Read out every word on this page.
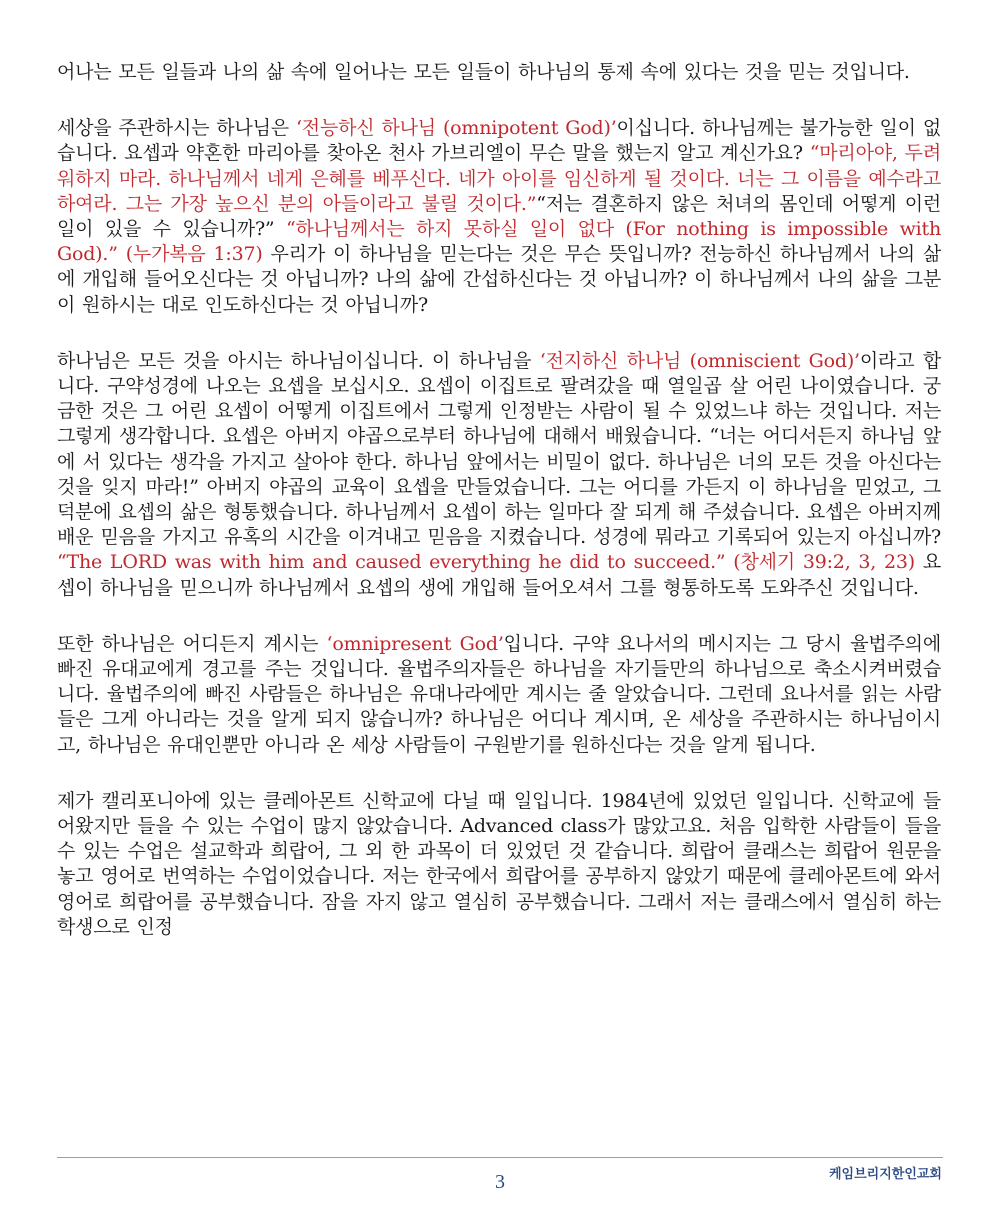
어나는 모든 일들과 나의 삶 속에 일어나는 모든 일들이 하나님의 통제 속에 있다는 것을 믿는 것입니다.

세상을 주관하시는 하나님은 ‘전능하신 하나님 (omnipotent God)’이십니다. 하나님께는 불가능한 일이 없습니다. 요셉과 약혼한 마리아를 찾아온 천사 가브리엘이 무슨 말을 했는지 알고 계신가요? “마리아야, 두려워하지 마라. 하나님께서 네게 은혜를 베푸신다. 네가 아이를 임신하게 될 것이다. 너는 그 이름을 예수라고 하여라. 그는 가장 높으신 분의 아들이라고 불릴 것이다.”“저는 결혼하지 않은 처녀의 몸인데 어떻게 이런 일이 있을 수 있습니까?” “하나님께서는 하지 못하실 일이 없다 (For nothing is impossible with God).” (누가복음 1:37) 우리가 이 하나님을 믿는다는 것은 무슨 뜻입니까? 전능하신 하나님께서 나의 삶에 개입해 들어오신다는 것 아닙니까? 나의 삶에 간섭하신다는 것 아닙니까? 이 하나님께서 나의 삶을 그분이 원하시는 대로 인도하신다는 것 아닙니까?

하나님은 모든 것을 아시는 하나님이십니다. 이 하나님을 ‘전지하신 하나님 (omniscient God)’이라고 합니다. 구약성경에 나오는 요셉을 보십시오. 요셉이 이집트로 팔려갔을 때 열일곱 살 어린 나이였습니다. 궁금한 것은 그 어린 요셉이 어떻게 이집트에서 그렇게 인정받는 사람이 될 수 있었느냐 하는 것입니다. 저는 그렇게 생각합니다. 요셉은 아버지 야곱으로부터 하나님에 대해서 배웠습니다. “너는 어디서든지 하나님 앞에 서 있다는 생각을 가지고 살아야 한다. 하나님 앞에서는 비밀이 없다. 하나님은 너의 모든 것을 아신다는 것을 잊지 마라!” 아버지 야곱의 교육이 요셉을 만들었습니다. 그는 어디를 가든지 이 하나님을 믿었고, 그 덕분에 요셉의 삶은 형통했습니다. 하나님께서 요셉이 하는 일마다 잘 되게 해 주셨습니다. 요셉은 아버지께 배운 믿음을 가지고 유혹의 시간을 이겨내고 믿음을 지켰습니다. 성경에 뭐라고 기록되어 있는지 아십니까? “The LORD was with him and caused everything he did to succeed.” (창세기 39:2, 3, 23) 요셉이 하나님을 믿으니까 하나님께서 요셉의 생에 개입해 들어오셔서 그를 형통하도록 도와주신 것입니다.

또한 하나님은 어디든지 계시는 ‘omnipresent God’입니다. 구약 요나서의 메시지는 그 당시 율법주의에 빠진 유대교에게 경고를 주는 것입니다. 율법주의자들은 하나님을 자기들만의 하나님으로 축소시켜버렸습니다. 율법주의에 빠진 사람들은 하나님은 유대나라에만 계시는 줄 알았습니다. 그런데 요나서를 읽는 사람들은 그게 아니라는 것을 알게 되지 않습니까? 하나님은 어디나 계시며, 온 세상을 주관하시는 하나님이시고, 하나님은 유대인뿐만 아니라 온 세상 사람들이 구원받기를 원하신다는 것을 알게 됩니다.

제가 캘리포니아에 있는 클레아몬트 신학교에 다닐 때 일입니다. 1984년에 있었던 일입니다. 신학교에 들어왔지만 들을 수 있는 수업이 많지 않았습니다. Advanced class가 많았고요. 처음 입학한 사람들이 들을 수 있는 수업은 설교학과 희랍어, 그 외 한 과목이 더 있었던 것 같습니다. 희랍어 클래스는 희랍어 원문을 놓고 영어로 번역하는 수업이었습니다. 저는 한국에서 희랍어를 공부하지 않았기 때문에 클레아몬트에 와서 영어로 희랍어를 공부했습니다. 잠을 자지 않고 열심히 공부했습니다. 그래서 저는 클래스에서 열심히 하는 학생으로 인정

3	케임브리지한인교회
